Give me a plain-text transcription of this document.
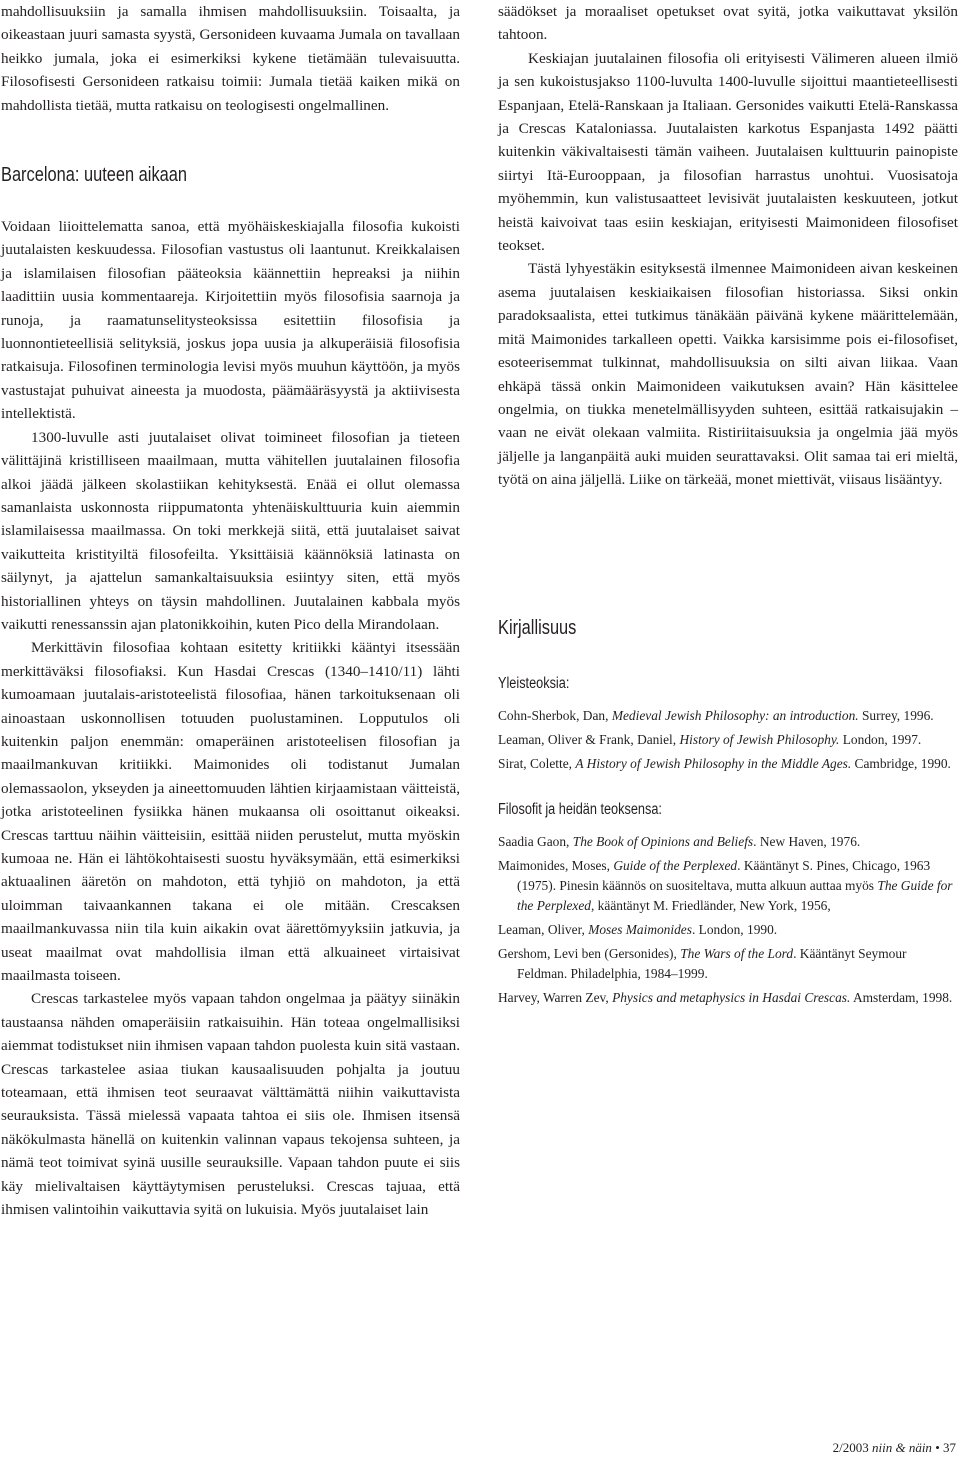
mahdollisuuksiin ja samalla ihmisen mahdollisuuksiin. Toisaalta, ja oikeastaan juuri samasta syystä, Gersonideen kuvaama Jumala on tavallaan heikko jumala, joka ei esimerkiksi kykene tietämään tulevaisuutta. Filosofisesti Gersonideen ratkaisu toimii: Jumala tietää kaiken mikä on mahdollista tietää, mutta ratkaisu on teologisesti ongelmallinen.

Barcelona: uuteen aikaan

Voidaan liioittelematta sanoa, että myöhäiskeskiajalla filosofia kukoisti juutalaisten keskuudessa. Filosofian vastustus oli laantunut. Kreikkalaisen ja islamilaisen filosofian pääteoksia käännettiin hepreaksi ja niihin laadittiin uusia kommentaareja. Kirjoitettiin myös filosofisia saarnoja ja runoja, ja raamatunselitysteoksissa esitettiin filosofisia ja luonnontieteellisiä selityksiä, joskus jopa uusia ja alkuperäisiä filosofisia ratkaisuja. Filosofinen terminologia levisi myös muuhun käyttöön, ja myös vastustajat puhuivat aineesta ja muodosta, päämääräsyystä ja aktiivisesta intellektistä.

1300-luvulle asti juutalaiset olivat toimineet filosofian ja tieteen välittäjinä kristilliseen maailmaan, mutta vähitellen juutalainen filosofia alkoi jäädä jälkeen skolastiikan kehityksestä. Enää ei ollut olemassa samanlaista uskonnosta riippumatonta yhtenäiskulttuuria kuin aiemmin islamilaisessa maailmassa. On toki merkkejä siitä, että juutalaiset saivat vaikutteita kristityiltä filosofeilta. Yksittäisiä käännöksiä latinasta on säilynyt, ja ajattelun samankaltaisuuksia esiintyy siten, että myös historiallinen yhteys on täysin mahdollinen. Juutalainen kabbala myös vaikutti renessanssin ajan platonikkoihin, kuten Pico della Mirandolaan.

Merkittävin filosofiaa kohtaan esitetty kritiikki kääntyi itsessään merkittäväksi filosofiaksi. Kun Hasdai Crescas (1340–1410/11) lähti kumoamaan juutalais-aristoteelistä filosofiaa, hänen tarkoituksenaan oli ainoastaan uskonnollisen totuuden puolustaminen. Lopputulos oli kuitenkin paljon enemmän: omaperäinen aristoteelisen filosofian ja maailmankuvan kritiikki. Maimonides oli todistanut Jumalan olemassaolon, ykseyden ja aineettomuuden lähtien kirjaamistaan väitteistä, jotka aristoteelinen fysiikka hänen mukaansa oli osoittanut oikeaksi. Crescas tarttuu näihin väitteisiin, esittää niiden perustelut, mutta myöskin kumoaa ne. Hän ei lähtökohtaisesti suostu hyväksymään, että esimerkiksi aktuaalinen ääretön on mahdoton, että tyhjiö on mahdoton, ja että uloimman taivaankannen takana ei ole mitään. Crescaksen maailmankuvassa niin tila kuin aikakin ovat äärettömyyksiin jatkuvia, ja useat maailmat ovat mahdollisia ilman että alkuaineet virtaisivat maailmasta toiseen.

Crescas tarkastelee myös vapaan tahdon ongelmaa ja päätyy siinäkin taustaansa nähden omaperäisiin ratkaisuihin. Hän toteaa ongelmallisiksi aiemmat todistukset niin ihmisen vapaan tahdon puolesta kuin sitä vastaan. Crescas tarkastelee asiaa tiukan kausaalisuuden pohjalta ja joutuu toteamaan, että ihmisen teot seuraavat välttämättä niihin vaikuttavista seurauksista. Tässä mielessä vapaata tahtoa ei siis ole. Ihmisen itsensä näkökulmasta hänellä on kuitenkin valinnan vapaus tekojensa suhteen, ja nämä teot toimivat syinä uusille seurauksille. Vapaan tahdon puute ei siis käy mielivaltaisen käyttäytymisen perusteluksi. Crescas tajuaa, että ihmisen valintoihin vaikuttavia syitä on lukuisia. Myös juutalaiset lain

säädökset ja moraaliset opetukset ovat syitä, jotka vaikuttavat yksilön tahtoon.

Keskiajan juutalainen filosofia oli erityisesti Välimeren alueen ilmiö ja sen kukoistusjakso 1100-luvulta 1400-luvulle sijoittui maantieteellisesti Espanjaan, Etelä-Ranskaan ja Italiaan. Gersonides vaikutti Etelä-Ranskassa ja Crescas Kataloniassa. Juutalaisten karkotus Espanjasta 1492 päätti kuitenkin väkivaltaisesti tämän vaiheen. Juutalaisen kulttuurin painopiste siirtyi Itä-Eurooppaan, ja filosofian harrastus unohtui. Vuosisatoja myöhemmin, kun valistusaatteet levisivät juutalaisten keskuuteen, jotkut heistä kaivoivat taas esiin keskiajan, erityisesti Maimonideen filosofiset teokset.

Tästä lyhyestäkin esityksestä ilmennee Maimonideen aivan keskeinen asema juutalaisen keskiaikaisen filosofian historiassa. Siksi onkin paradoksaalista, ettei tutkimus tänäkään päivänä kykene määrittelemään, mitä Maimonides tarkalleen opetti. Vaikka karsisimme pois ei-filosofiset, esoteerisemmat tulkinnat, mahdollisuuksia on silti aivan liikaa. Vaan ehkäpä tässä onkin Maimonideen vaikutuksen avain? Hän käsittelee ongelmia, on tiukka menetelmällisyyden suhteen, esittää ratkaisujakin – vaan ne eivät olekaan valmiita. Ristiriitaisuuksia ja ongelmia jää myös jäljelle ja langanpäitä auki muiden seurattavaksi. Olit samaa tai eri mieltä, työtä on aina jäljellä. Liike on tärkeää, monet miettivät, viisaus lisääntyy.

Kirjallisuus
Yleisteoksia:

Cohn-Sherbok, Dan, Medieval Jewish Philosophy: an introduction. Surrey, 1996.

Leaman, Oliver & Frank, Daniel, History of Jewish Philosophy. London, 1997.

Sirat, Colette, A History of Jewish Philosophy in the Middle Ages. Cambridge, 1990.

Filosofit ja heidän teoksensa:

Saadia Gaon, The Book of Opinions and Beliefs. New Haven, 1976.

Maimonides, Moses, Guide of the Perplexed. Kääntänyt S. Pines, Chicago, 1963 (1975). Pinesin käännös on suositeltava, mutta alkuun auttaa myös The Guide for the Perplexed, kääntänyt M. Friedländer, New York, 1956,

Leaman, Oliver, Moses Maimonides. London, 1990.

Gershom, Levi ben (Gersonides), The Wars of the Lord. Kääntänyt Seymour Feldman. Philadelphia, 1984–1999.

Harvey, Warren Zev, Physics and metaphysics in Hasdai Crescas. Amsterdam, 1998.

2/2003 niin & näin • 37
